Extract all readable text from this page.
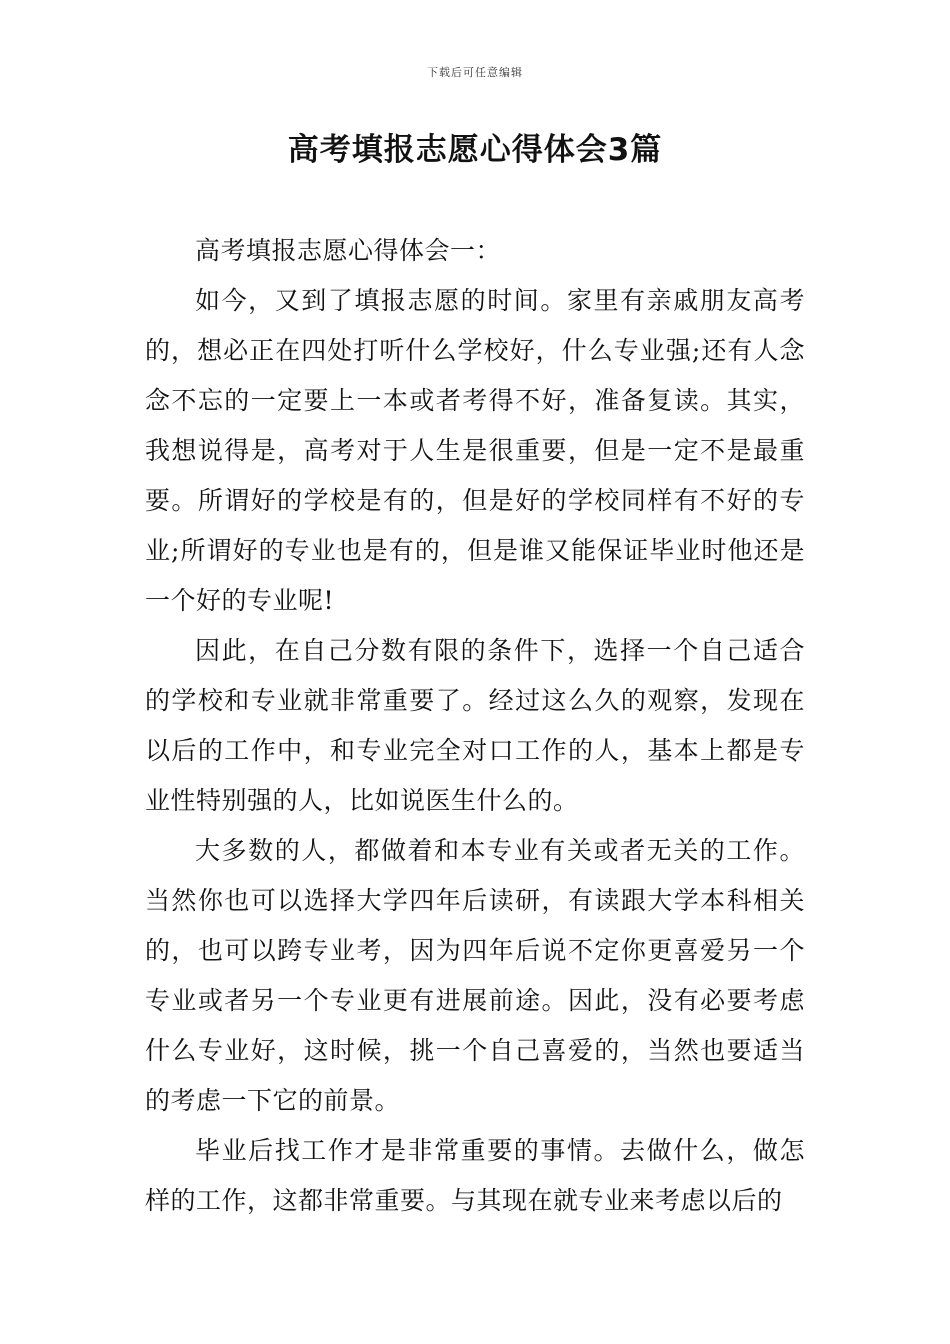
下载后可任意编辑
高考填报志愿心得体会3篇

高考填报志愿心得体会一：

如今，又到了填报志愿的时间。家里有亲戚朋友高考的，想必正在四处打听什么学校好，什么专业强;还有人念念不忘的一定要上一本或者考得不好，准备复读。其实，我想说得是，高考对于人生是很重要，但是一定不是最重要。所谓好的学校是有的，但是好的学校同样有不好的专业;所谓好的专业也是有的，但是谁又能保证毕业时他还是一个好的专业呢!

因此，在自己分数有限的条件下，选择一个自己适合的学校和专业就非常重要了。经过这么久的观察，发现在以后的工作中，和专业完全对口工作的人，基本上都是专业性特别强的人，比如说医生什么的。

大多数的人，都做着和本专业有关或者无关的工作。当然你也可以选择大学四年后读研，有读跟大学本科相关的，也可以跨专业考，因为四年后说不定你更喜爱另一个专业或者另一个专业更有进展前途。因此，没有必要考虑什么专业好，这时候，挑一个自己喜爱的，当然也要适当的考虑一下它的前景。

毕业后找工作才是非常重要的事情。去做什么，做怎样的工作，这都非常重要。与其现在就专业来考虑以后的
